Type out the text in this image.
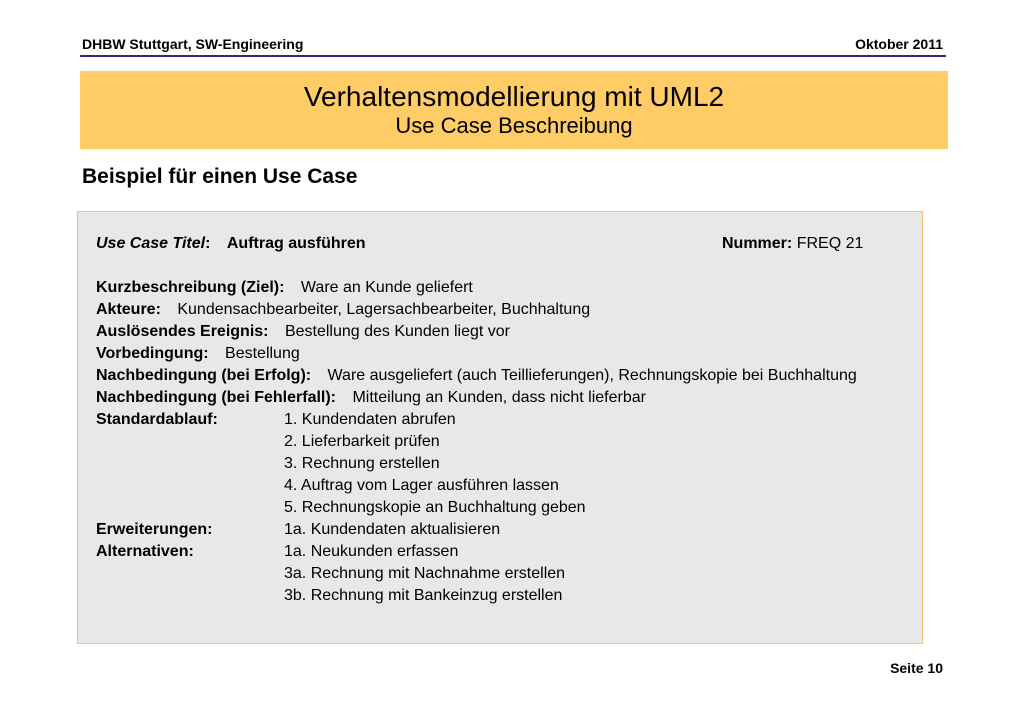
DHBW Stuttgart, SW-Engineering	Oktober 2011
Verhaltensmodellierung mit UML2
Use Case Beschreibung
Beispiel für einen Use Case
Use Case Titel: Auftrag ausführen	Nummer: FREQ 21
Kurzbeschreibung (Ziel): Ware an Kunde geliefert
Akteure: Kundensachbearbeiter, Lagersachbearbeiter, Buchhaltung
Auslösendes Ereignis: Bestellung des Kunden liegt vor
Vorbedingung: Bestellung
Nachbedingung (bei Erfolg): Ware ausgeliefert (auch Teillieferungen), Rechnungskopie bei Buchhaltung
Nachbedingung (bei Fehlerfall): Mitteilung an Kunden, dass nicht lieferbar
Standardablauf:	1. Kundendaten abrufen
2. Lieferbarkeit prüfen
3. Rechnung erstellen
4. Auftrag vom Lager ausführen lassen
5. Rechnungskopie an Buchhaltung geben
Erweiterungen:	1a. Kundendaten aktualisieren
Alternativen:	1a. Neukunden erfassen
3a. Rechnung mit Nachnahme erstellen
3b. Rechnung mit Bankeinzug erstellen
Seite 10
